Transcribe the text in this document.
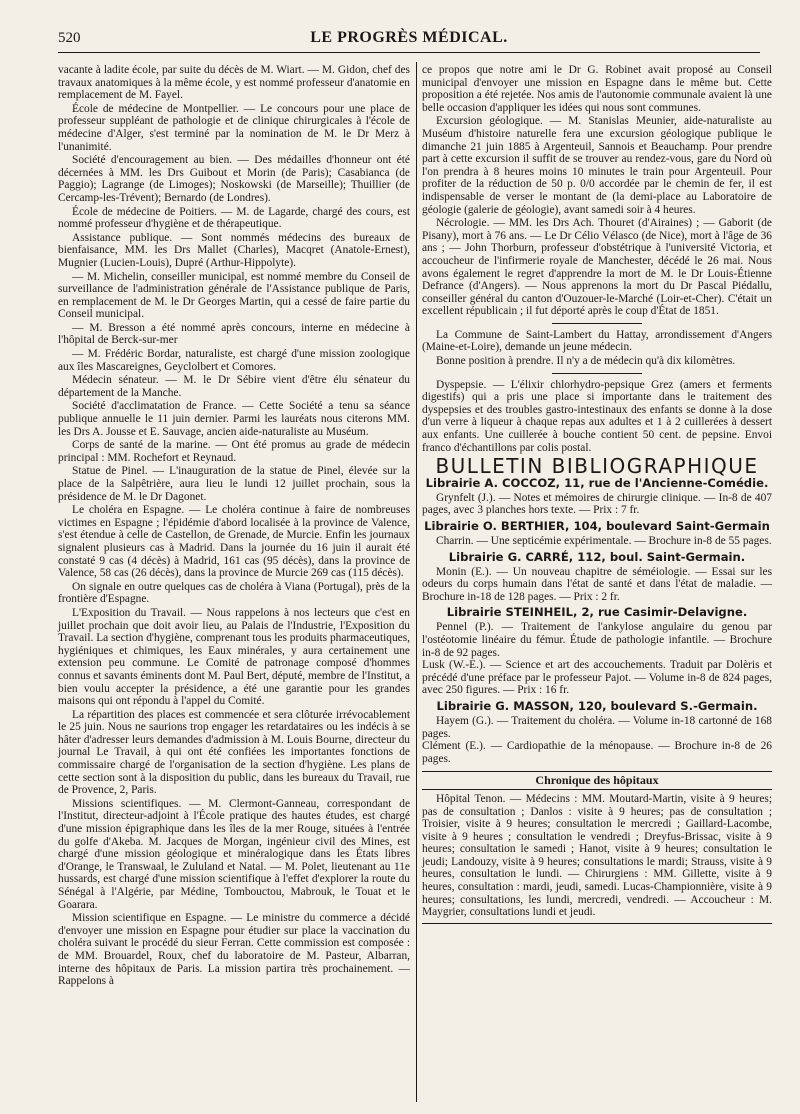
520	LE PROGRÈS MÉDICAL.

vacante à ladite école, par suite du décès de M. Wiart. — M. Gidon, chef des travaux anatomiques à la même école, y est nommé professeur d'anatomie en remplacement de M. Fayel.

École de médecine de Montpellier. — Le concours pour une place de professeur suppléant de pathologie et de clinique chirurgicales à l'école de médecine d'Alger, s'est terminé par la nomination de M. le Dr Merz à l'unanimité.

Société d'encouragement au bien. — Des médailles d'honneur ont été décernées à MM. les Drs Guibout et Morin (de Paris); Casabianca (de Paggio); Lagrange (de Limoges); Noskowski (de Marseille); Thuillier (de Cercamp-les-Trévent); Bernardo (de Londres).

École de médecine de Poitiers. — M. de Lagarde, chargé des cours, est nommé professeur d'hygiène et de thérapeutique.

Assistance publique. — Sont nommés médecins des bureaux de bienfaisance, MM. les Drs Mallet (Charles), Macqret (Anatole-Ernest), Mugnier (Lucien-Louis), Dupré (Arthur-Hippolyte).

— M. Michelin, conseiller municipal, est nommé membre du Conseil de surveillance de l'administration générale de l'Assistance publique de Paris, en remplacement de M. le Dr Georges Martin, qui a cessé de faire partie du Conseil municipal.

— M. Bresson a été nommé après concours, interne en médecine à l'hôpital de Berck-sur-mer

— M. Frédéric Bordar, naturaliste, est chargé d'une mission zoologique aux îles Mascareignes, Geyclolbert et Comores.

Médecin sénateur. — M. le Dr Sébire vient d'être élu sénateur du département de la Manche.

Société d'acclimatation de France. — Cette Société a tenu sa séance publique annuelle le 11 juin dernier. Parmi les lauréats nous citerons MM. les Drs A. Jousse et E. Sauvage, ancien aide-naturaliste au Muséum.

Corps de santé de la marine. — Ont été promus au grade de médecin principal : MM. Rochefort et Reynaud.

Statue de Pinel. — L'inauguration de la statue de Pinel, élevée sur la place de la Salpêtrière, aura lieu le lundi 12 juillet prochain, sous la présidence de M. le Dr Dagonet.

Le choléra en Espagne. — Le choléra continue à faire de nombreuses victimes en Espagne ; l'épidémie d'abord localisée à la province de Valence, s'est étendue à celle de Castellon, de Grenade, de Murcie. Enfin les journaux signalent plusieurs cas à Madrid. Dans la journée du 16 juin il aurait été constaté 9 cas (4 décès) à Madrid, 161 cas (95 décès), dans la province de Valence, 58 cas (26 décès), dans la province de Murcie 269 cas (115 décès).

On signale en outre quelques cas de choléra à Viana (Portugal), près de la frontière d'Espagne.

L'Exposition du Travail. — Nous rappelons à nos lecteurs que c'est en juillet prochain que doit avoir lieu, au Palais de l'Industrie, l'Exposition du Travail. La section d'hygiène, comprenant tous les produits pharmaceutiques, hygiéniques et chimiques, les Eaux minérales, y aura certainement une extension peu commune. Le Comité de patronage composé d'hommes connus et savants éminents dont M. Paul Bert, député, membre de l'Institut, a bien voulu accepter la présidence, a été une garantie pour les grandes maisons qui ont répondu à l'appel du Comité.

La répartition des places est commencée et sera clôturée irrévocablement le 25 juin. Nous ne saurions trop engager les retardataires ou les indécis à se hâter d'adresser leurs demandes d'admission à M. Louis Bourne, directeur du journal Le Travail, à qui ont été confiées les importantes fonctions de commissaire chargé de l'organisation de la section d'hygiène. Les plans de cette section sont à la disposition du public, dans les bureaux du Travail, rue de Provence, 2, Paris.

Missions scientifiques. — M. Clermont-Ganneau, correspondant de l'Institut, directeur-adjoint à l'École pratique des hautes études, est chargé d'une mission épigraphique dans les îles de la mer Rouge, situées à l'entrée du golfe d'Akeba. M. Jacques de Morgan, ingénieur civil des Mines, est chargé d'une mission géologique et minéralogique dans les États libres d'Orange, le Transwaal, le Zululand et Natal. — M. Polet, lieutenant au 11e hussards, est chargé d'une mission scientifique à l'effet d'explorer la route du Sénégal à l'Algérie, par Médine, Tombouctou, Mabrouk, le Touat et le Goarara.

Mission scientifique en Espagne. — Le ministre du commerce a décidé d'envoyer une mission en Espagne pour étudier sur place la vaccination du choléra suivant le procédé du sieur Ferran. Cette commission est composée : de MM. Brouardel, Roux, chef du laboratoire de M. Pasteur, Albarran, interne des hôpitaux de Paris. La mission partira très prochainement. — Rappelons à

ce propos que notre ami le Dr G. Robinet avait proposé au Conseil municipal d'envoyer une mission en Espagne dans le même but. Cette proposition a été rejetée. Nos amis de l'autonomie communale avaient là une belle occasion d'appliquer les idées qui nous sont communes.

Excursion géologique. — M. Stanislas Meunier, aide-naturaliste au Muséum d'histoire naturelle fera une excursion géologique publique le dimanche 21 juin 1885 à Argenteuil, Sannois et Beauchamp. Pour prendre part à cette excursion il suffit de se trouver au rendez-vous, gare du Nord où l'on prendra à 8 heures moins 10 minutes le train pour Argenteuil. Pour profiter de la réduction de 50 p. 0/0 accordée par le chemin de fer, il est indispensable de verser le montant de (la demi-place au Laboratoire de géologie (galerie de géologie), avant samedi soir à 4 heures.

Nécrologie. — MM. les Drs Ach. Thouret (d'Airaines) ; — Gaborit (de Pisany), mort à 76 ans. — Le Dr Célio Vélasco (de Nice), mort à l'âge de 36 ans ; — John Thorburn, professeur d'obstétrique à l'université Victoria, et accoucheur de l'infirmerie royale de Manchester, décédé le 26 mai. Nous avons également le regret d'apprendre la mort de M. le Dr Louis-Étienne Defrance (d'Angers). — Nous apprenons la mort du Dr Pascal Piédallu, conseiller général du canton d'Ouzouer-le-Marché (Loir-et-Cher). C'était un excellent républicain ; il fut déporté après le coup d'État de 1851.

La Commune de Saint-Lambert du Hattay, arrondissement d'Angers (Maine-et-Loire), demande un jeune médecin.

Bonne position à prendre. Il n'y a de médecin qu'à dix kilomètres.

Dyspepsie. — L'élixir chlorhydro-pepsique Grez (amers et ferments digestifs) qui a pris une place si importante dans le traitement des dyspepsies et des troubles gastro-intestinaux des enfants se donne à la dose d'un verre à liqueur à chaque repas aux adultes et 1 à 2 cuillerées à dessert aux enfants. Une cuillerée à bouche contient 50 cent. de pepsine. Envoi franco d'échantillons par colis postal.

BULLETIN BIBLIOGRAPHIQUE
Librairie A. COCCOZ, 11, rue de l'Ancienne-Comédie.

Grynfelt (J.). — Notes et mémoires de chirurgie clinique. — In-8 de 407 pages, avec 3 planches hors texte. — Prix : 7 fr.

Librairie O. BERTHIER, 104, boulevard Saint-Germain

Charrin. — Une septicémie expérimentale. — Brochure in-8 de 55 pages.

Librairie G. CARRÉ, 112, boul. Saint-Germain.

Monin (E.). — Un nouveau chapitre de séméiologie. — Essai sur les odeurs du corps humain dans l'état de santé et dans l'état de maladie. — Brochure in-18 de 128 pages. — Prix : 2 fr.

Librairie STEINHEIL, 2, rue Casimir-Delavigne.

Pennel (P.). — Traitement de l'ankylose angulaire du genou par l'ostéotomie linéaire du fémur. Étude de pathologie infantile. — Brochure in-8 de 92 pages.
Lusk (W.-E.). — Science et art des accouchements. Traduit par Dolèris et précédé d'une préface par le professeur Pajot. — Volume in-8 de 824 pages, avec 250 figures. — Prix : 16 fr.

Librairie G. MASSON, 120, boulevard S.-Germain.

Hayem (G.). — Traitement du choléra. — Volume in-18 cartonné de 168 pages.
Clément (E.). — Cardiopathie de la ménopause. — Brochure in-8 de 26 pages.

Chronique des hôpitaux

Hôpital Tenon. — Médecins : MM. Moutard-Martin, visite à 9 heures; pas de consultation ; Danlos : visite à 9 heures; pas de consultation ; Troisier, visite à 9 heures; consultation le mercredi ; Gaillard-Lacombe, visite à 9 heures ; consultation le vendredi ; Dreyfus-Brissac, visite à 9 heures; consultation le samedi ; Hanot, visite à 9 heures; consultation le jeudi; Landouzy, visite à 9 heures; consultations le mardi; Strauss, visite à 9 heures, consultation le lundi. — Chirurgiens : MM. Gillette, visite à 9 heures, consultation : mardi, jeudi, samedi. Lucas-Championnière, visite à 9 heures; consultations, les lundi, mercredi, vendredi. — Accoucheur : M. Maygrier, consultations lundi et jeudi.
